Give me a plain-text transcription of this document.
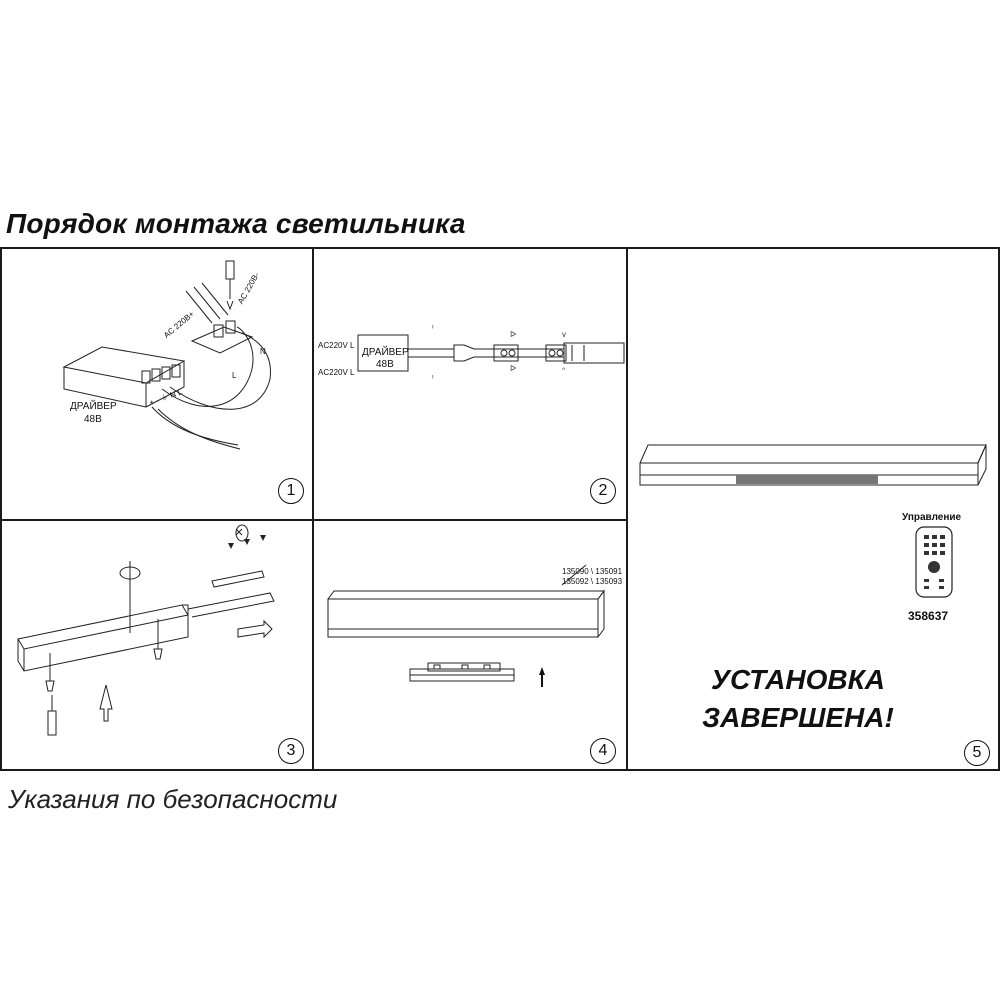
Порядок монтажа светильника
ДРАЙВЕР
48В
AC 220В+
AC 220В-
L
N
+ - ⏚ N L
1
ᑊ
ᑊ
ᐅ
ᐅ
v
ᐢ
AC220V L
AC220V L
ДРАЙВЕР
48В
2
Управление
358637
УСТАНОВКА
ЗАВЕРШЕНА!
5
3
135090 \ 135091
135092 \ 135093
4
Указания по безопасности
